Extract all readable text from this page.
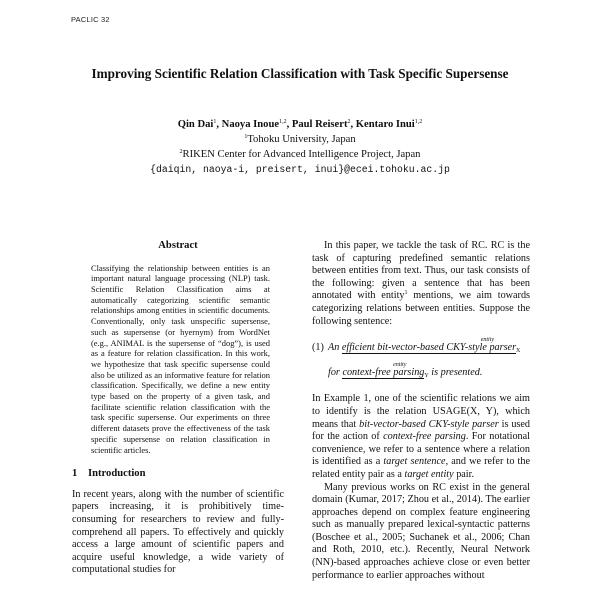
PACLIC 32
Improving Scientific Relation Classification with Task Specific Supersense
Qin Dai$^1$, Naoya Inoue$^{1,2}$, Paul Reisert$^2$, Kentaro Inui$^{1,2}$
$^1$Tohoku University, Japan
$^2$RIKEN Center for Advanced Intelligence Project, Japan
{daiqin, naoya-i, preisert, inui}@ecei.tohoku.ac.jp
Abstract
Classifying the relationship between entities is an important natural language processing (NLP) task. Scientific Relation Classification aims at automatically categorizing scientific semantic relationships among entities in scientific documents. Conventionally, only task unspecific supersense, such as supersense (or hyernym) from WordNet (e.g., ANIMAL is the supersense of “dog”), is used as a feature for relation classification. In this work, we hypothesize that task specific supersense could also be utilized as an informative feature for relation classification. Specifically, we define a new entity type based on the property of a given task, and facilitate scientific relation classification with the task specific supersense. Our experiments on three different datasets prove the effectiveness of the task specific supersense on relation classification in scientific articles.
1 Introduction

In recent years, along with the number of scientific papers increasing, it is prohibitively time-consuming for researchers to review and fully-comprehend all papers. To effectively and quickly access a large amount of scientific papers and acquire useful knowledge, a wide variety of computational studies for

In this paper, we tackle the task of RC. RC is the task of capturing predefined semantic relations between entities from text. Thus, our task consists of the following: given a sentence that has been annotated with entity$^1$ mentions, we aim towards categorizing relations between entities. Suppose the following sentence:

(1) An efficient bit-vector-based CKY-style parser
entity
$_X$
for context-free parsing
entity
$_Y$ is presented.

In Example 1, one of the scientific relations we aim to identify is the relation USAGE(X, Y), which means that bit-vector-based CKY-style parser is used for the action of context-free parsing. For notational convenience, we refer to a sentence where a relation is identified as a target sentence, and we refer to the related entity pair as a target entity pair.

Many previous works on RC exist in the general domain (Kumar, 2017; Zhou et al., 2014). The earlier approaches depend on complex feature engineering such as manually prepared lexical-syntactic patterns (Boschee et al., 2005; Suchanek et al., 2006; Chan and Roth, 2010, etc.). Recently, Neural Network (NN)-based approaches achieve close or even better performance to earlier approaches without
